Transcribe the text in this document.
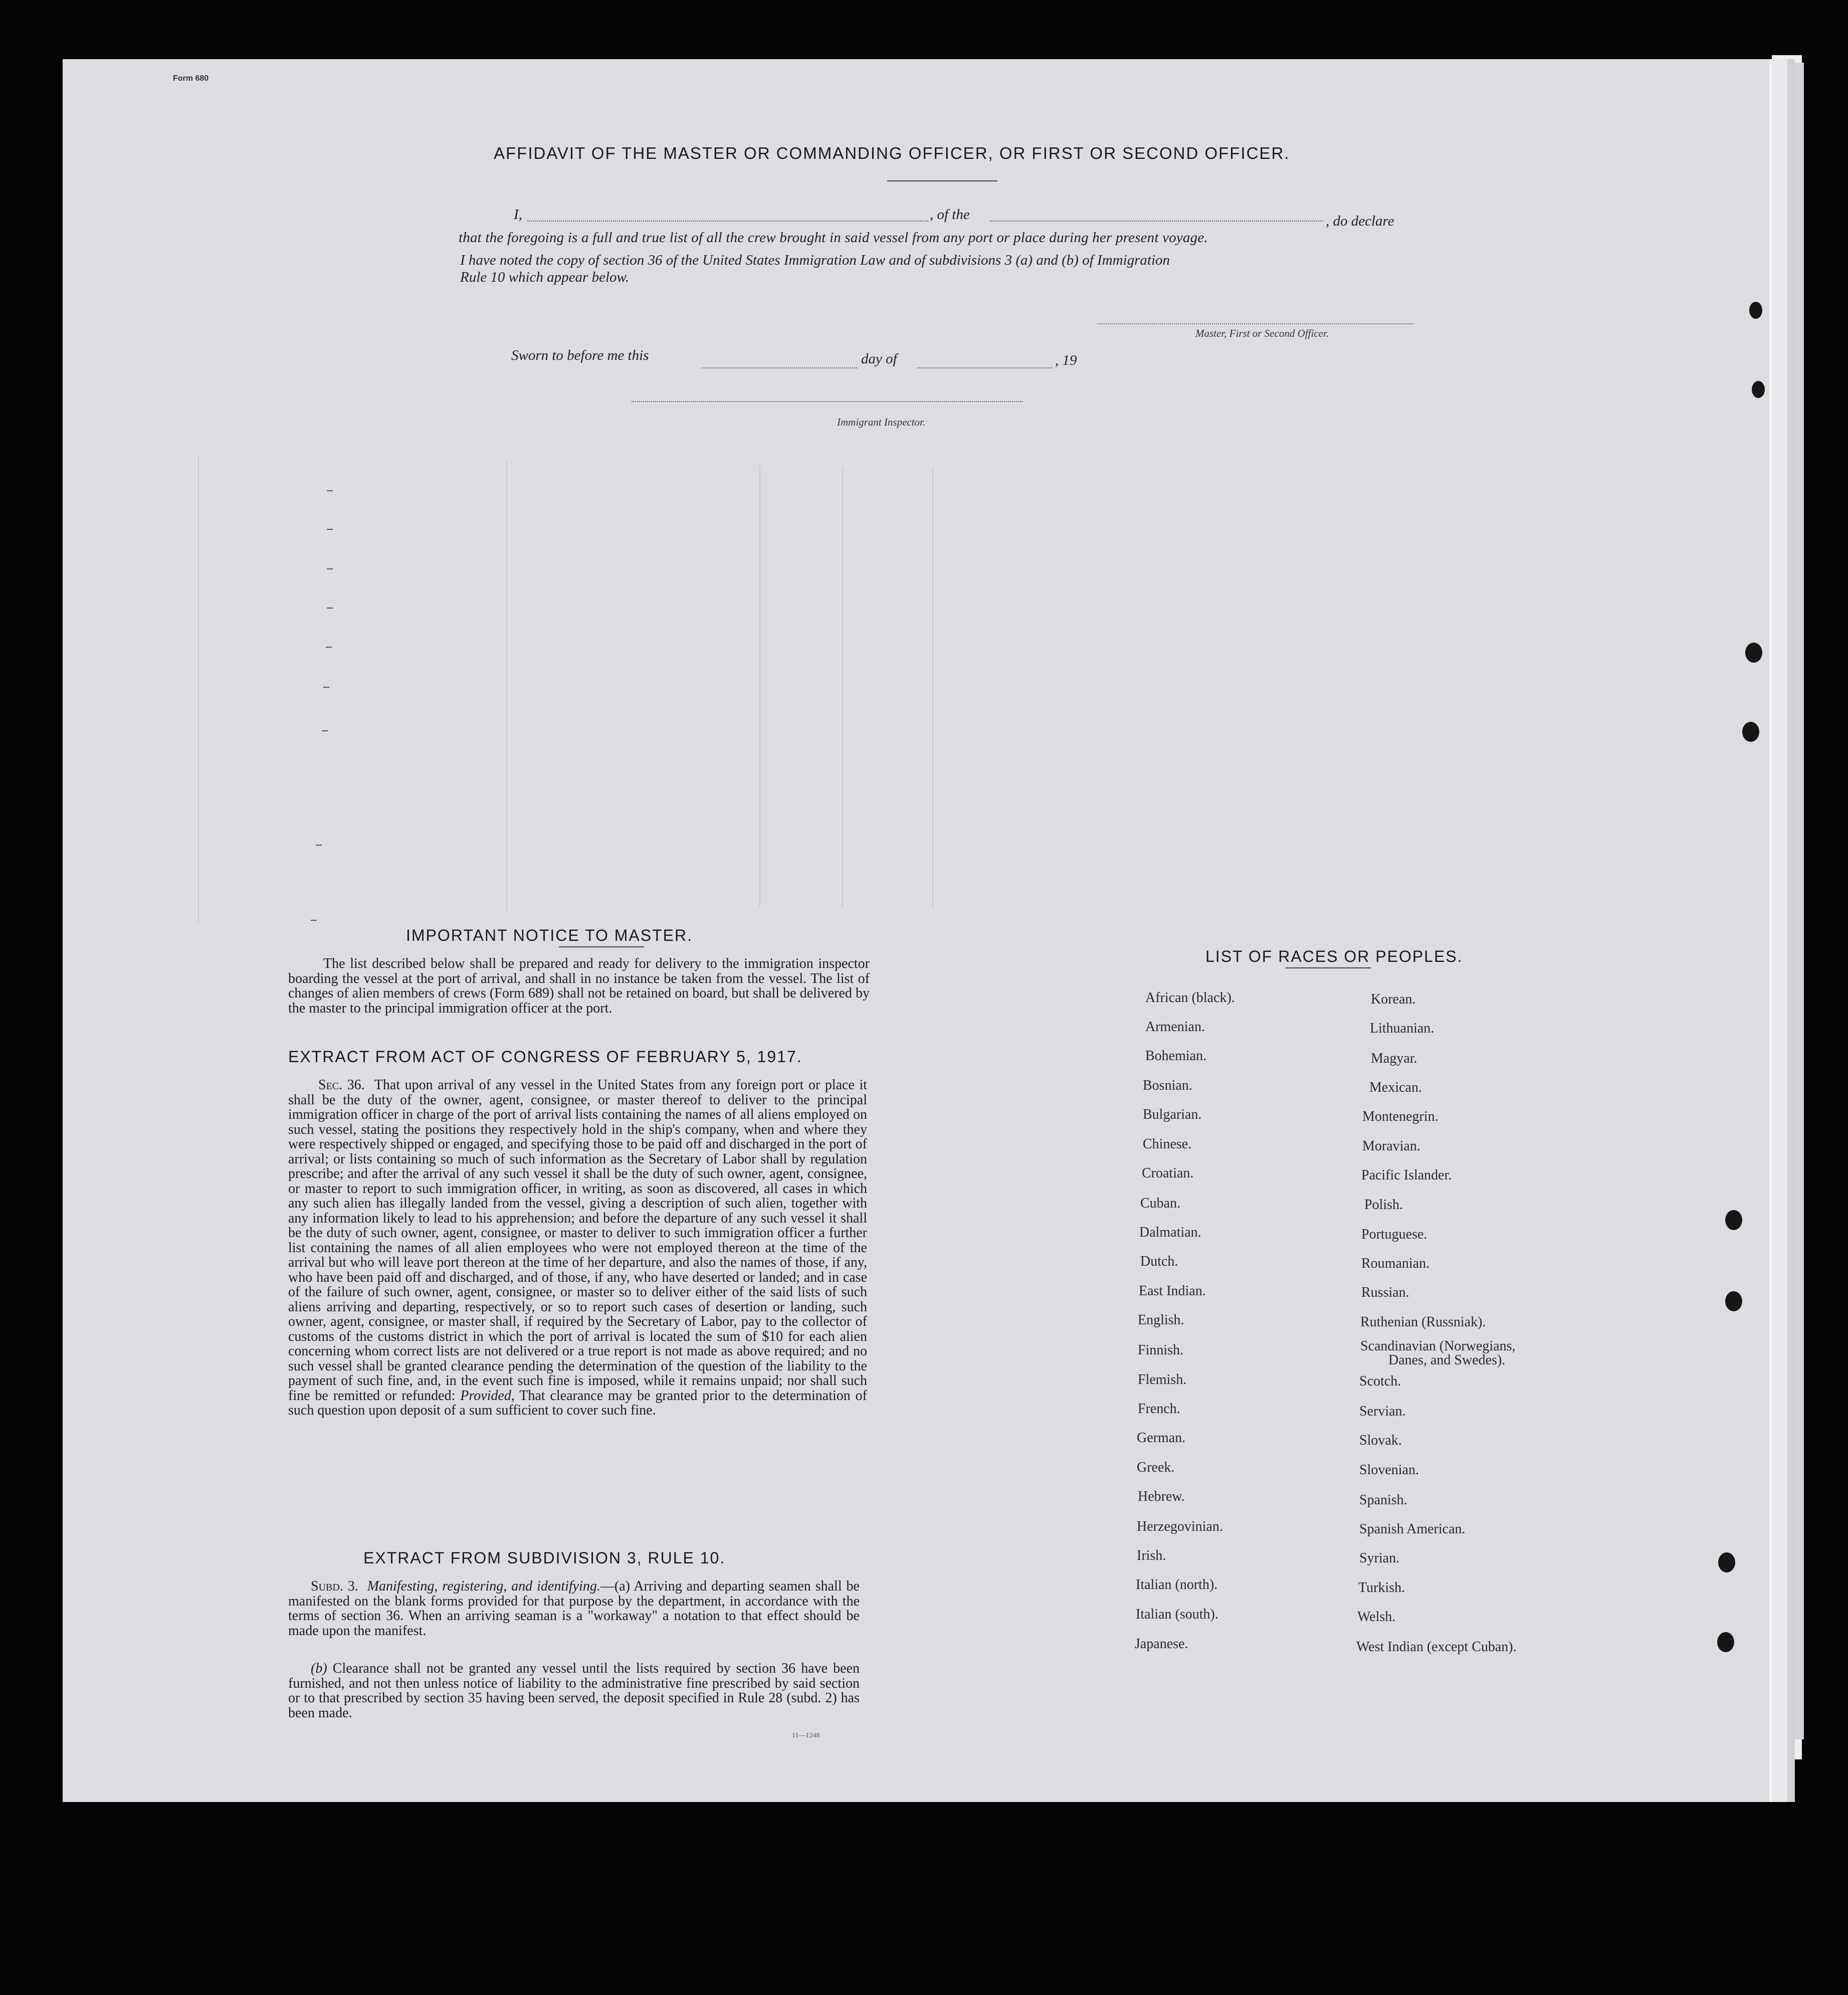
Form 680
AFFIDAVIT OF THE MASTER OR COMMANDING OFFICER, OR FIRST OR SECOND OFFICER.
I,	, of the	, do declare
that the foregoing is a full and true list of all the crew brought in said vessel from any port or place during her present voyage.
I have noted the copy of section 36 of the United States Immigration Law and of subdivisions 3 (a) and (b) of Immigration
Rule 10 which appear below.
Master, First or Second Officer.
Sworn to before me this	day of	, 19
Immigrant Inspector.
IMPORTANT NOTICE TO MASTER.
The list described below shall be prepared and ready for delivery to the immigration inspector boarding the vessel at the port of arrival, and shall in no instance be taken from the vessel. The list of changes of alien members of crews (Form 689) shall not be retained on board, but shall be delivered by the master to the principal immigration officer at the port.
EXTRACT FROM ACT OF CONGRESS OF FEBRUARY 5, 1917.

Sec. 36. That upon arrival of any vessel in the United States from any foreign port or place it shall be the duty of the owner, agent, consignee, or master thereof to deliver to the principal immigration officer in charge of the port of arrival lists containing the names of all aliens employed on such vessel, stating the positions they respectively hold in the ship's company, when and where they were respectively shipped or engaged, and specifying those to be paid off and discharged in the port of arrival; or lists containing so much of such information as the Secretary of Labor shall by regulation prescribe; and after the arrival of any such vessel it shall be the duty of such owner, agent, consignee, or master to report to such immigration officer, in writing, as soon as discovered, all cases in which any such alien has illegally landed from the vessel, giving a description of such alien, together with any information likely to lead to his apprehension; and before the departure of any such vessel it shall be the duty of such owner, agent, consignee, or master to deliver to such immigration officer a further list containing the names of all alien employees who were not employed thereon at the time of the arrival but who will leave port thereon at the time of her departure, and also the names of those, if any, who have been paid off and discharged, and of those, if any, who have deserted or landed; and in case of the failure of such owner, agent, consignee, or master so to deliver either of the said lists of such aliens arriving and departing, respectively, or so to report such cases of desertion or landing, such owner, agent, consignee, or master shall, if required by the Secretary of Labor, pay to the collector of customs of the customs district in which the port of arrival is located the sum of $10 for each alien concerning whom correct lists are not delivered or a true report is not made as above required; and no such vessel shall be granted clearance pending the determination of the question of the liability to the payment of such fine, and, in the event such fine is imposed, while it remains unpaid; nor shall such fine be remitted or refunded: Provided, That clearance may be granted prior to the determination of such question upon deposit of a sum sufficient to cover such fine.

EXTRACT FROM SUBDIVISION 3, RULE 10.

Subd. 3. Manifesting, registering, and identifying.—(a) Arriving and departing seamen shall be manifested on the blank forms provided for that purpose by the department, in accordance with the terms of section 36. When an arriving seaman is a "workaway" a notation to that effect should be made upon the manifest.

(b) Clearance shall not be granted any vessel until the lists required by section 36 have been furnished, and not then unless notice of liability to the administrative fine prescribed by said section or to that prescribed by section 35 having been served, the deposit specified in Rule 28 (subd. 2) has been made.

11—1248
LIST OF RACES OR PEOPLES.
African (black).
Armenian.
Bohemian.
Bosnian.
Bulgarian.
Chinese.
Croatian.
Cuban.
Dalmatian.
Dutch.
East Indian.
English.
Finnish.
Flemish.
French.
German.
Greek.
Hebrew.
Herzegovinian.
Irish.
Italian (north).
Italian (south).
Japanese.
Korean.
Lithuanian.
Magyar.
Mexican.
Montenegrin.
Moravian.
Pacific Islander.
Polish.
Portuguese.
Roumanian.
Russian.
Ruthenian (Russniak).
Scandinavian (Norwegians,
Danes, and Swedes).
Scotch.
Servian.
Slovak.
Slovenian.
Spanish.
Spanish American.
Syrian.
Turkish.
Welsh.
West Indian (except Cuban).
